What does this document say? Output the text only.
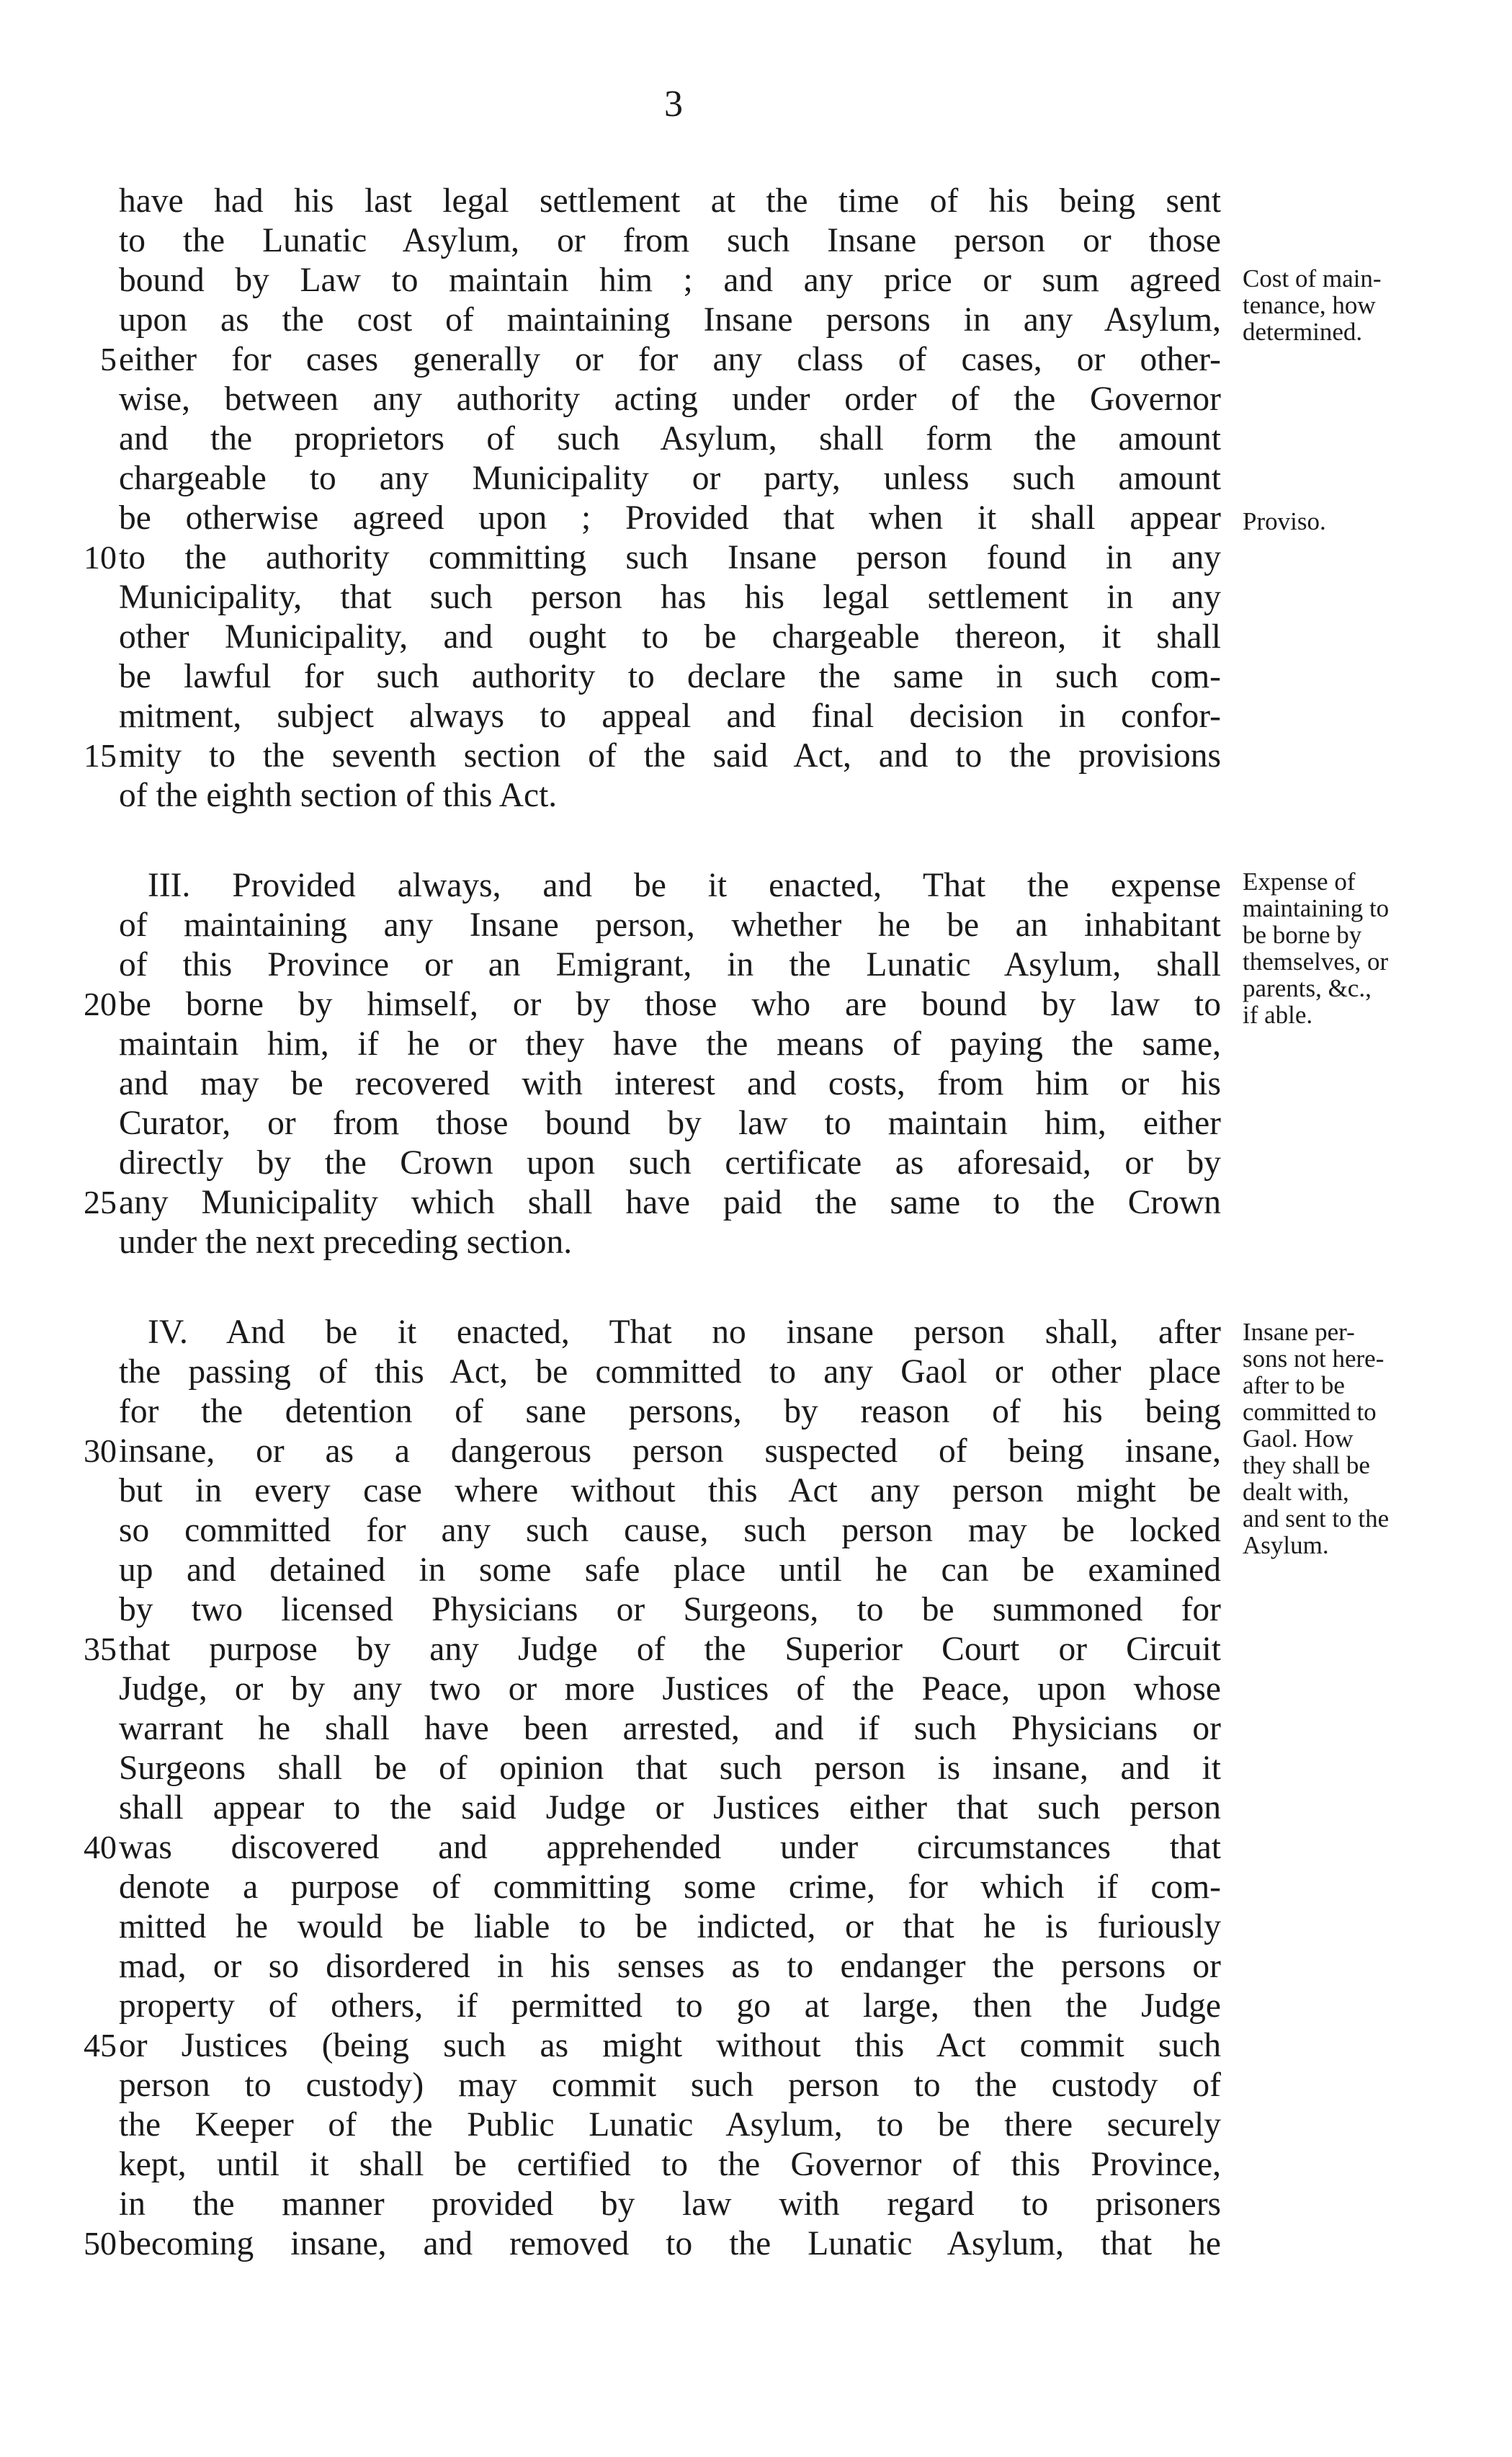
3
have had his last legal settlement at the time of his being sent
to the Lunatic Asylum, or from such Insane person or those
bound by Law to maintain him ; and any price or sum agreed
upon as the cost of maintaining Insane persons in any Asylum,
either for cases generally or for any class of cases, or other-
wise, between any authority acting under order of the Governor
and the proprietors of such Asylum, shall form the amount
chargeable to any Municipality or party, unless such amount
be otherwise agreed upon ; Provided that when it shall appear
to the authority committing such Insane person found in any
Municipality, that such person has his legal settlement in any
other Municipality, and ought to be chargeable thereon, it shall
be lawful for such authority to declare the same in such com-
mitment, subject always to appeal and final decision in confor-
mity to the seventh section of the said Act, and to the provisions
of the eighth section of this Act.
III. Provided always, and be it enacted, That the expense
of maintaining any Insane person, whether he be an inhabitant
of this Province or an Emigrant, in the Lunatic Asylum, shall
be borne by himself, or by those who are bound by law to
maintain him, if he or they have the means of paying the same,
and may be recovered with interest and costs, from him or his
Curator, or from those bound by law to maintain him, either
directly by the Crown upon such certificate as aforesaid, or by
any Municipality which shall have paid the same to the Crown
under the next preceding section.
IV. And be it enacted, That no insane person shall, after
the passing of this Act, be committed to any Gaol or other place
for the detention of sane persons, by reason of his being
insane, or as a dangerous person suspected of being insane,
but in every case where without this Act any person might be
so committed for any such cause, such person may be locked
up and detained in some safe place until he can be examined
by two licensed Physicians or Surgeons, to be summoned for
that purpose by any Judge of the Superior Court or Circuit
Judge, or by any two or more Justices of the Peace, upon whose
warrant he shall have been arrested, and if such Physicians or
Surgeons shall be of opinion that such person is insane, and it
shall appear to the said Judge or Justices either that such person
was discovered and apprehended under circumstances that
denote a purpose of committing some crime, for which if com-
mitted he would be liable to be indicted, or that he is furiously
mad, or so disordered in his senses as to endanger the persons or
property of others, if permitted to go at large, then the Judge
or Justices (being such as might without this Act commit such
person to custody) may commit such person to the custody of
the Keeper of the Public Lunatic Asylum, to be there securely
kept, until it shall be certified to the Governor of this Province,
in the manner provided by law with regard to prisoners
becoming insane, and removed to the Lunatic Asylum, that he
5
10
15
20
25
30
35
40
45
50
Cost of main-
tenance, how
determined.
Proviso.
Expense of
maintaining to
be borne by
themselves, or
parents, &c.,
if able.
Insane per-
sons not here-
after to be
committed to
Gaol. How
they shall be
dealt with,
and sent to the
Asylum.
